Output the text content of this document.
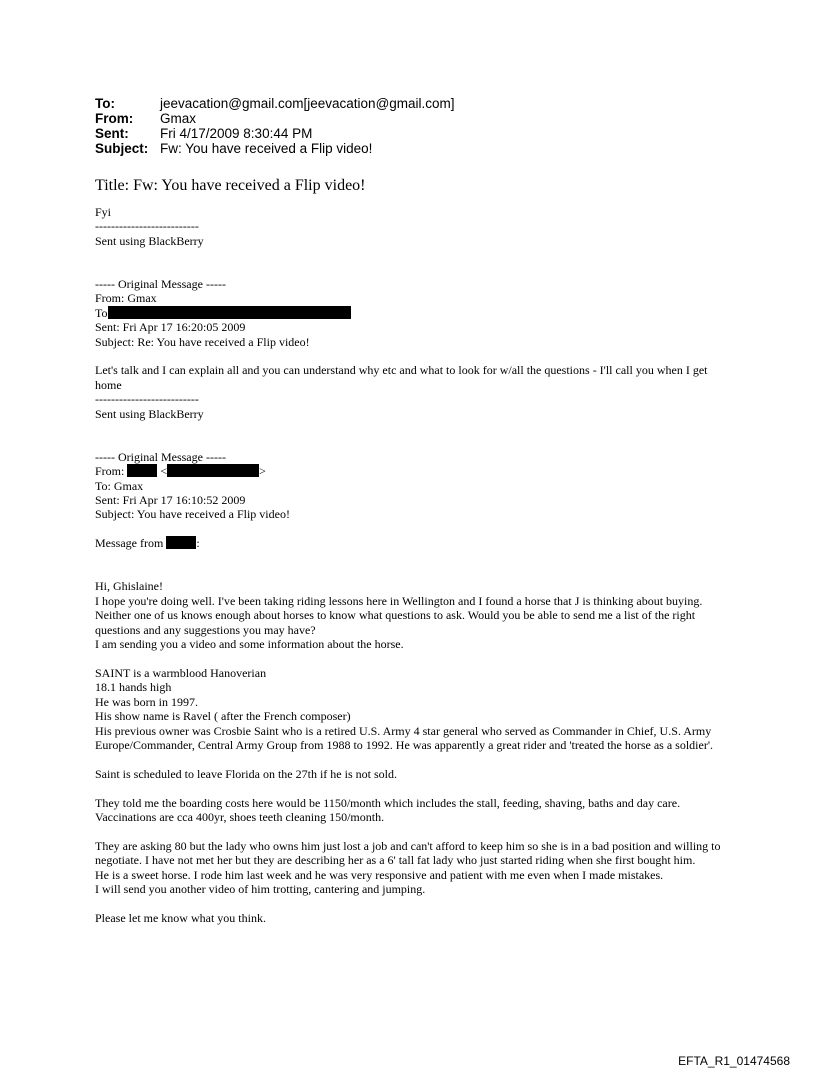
To:	jeevacation@gmail.com[jeevacation@gmail.com]
From:	Gmax
Sent:	Fri 4/17/2009 8:30:44 PM
Subject: Fw: You have received a Flip video!
Title: Fw: You have received a Flip video!
Fyi
--------------------------
Sent using BlackBerry
----- Original Message -----
From: Gmax
To
Sent: Fri Apr 17 16:20:05 2009
Subject: Re: You have received a Flip video!
Let's talk and I can explain all and you can understand why etc and what to look for w/all the questions - I'll call you when I get home
--------------------------
Sent using BlackBerry
----- Original Message -----
From:	<	>
To: Gmax
Sent: Fri Apr 17 16:10:52 2009
Subject: You have received a Flip video!
Message from	:
Hi, Ghislaine!
I hope you're doing well. I've been taking riding lessons here in Wellington and I found a horse that J is thinking about buying. Neither one of us knows enough about horses to know what questions to ask. Would you be able to send me a list of the right questions and any suggestions you may have?
I am sending you a video and some information about the horse.
SAINT is a warmblood Hanoverian
18.1 hands high
He was born in 1997.
His show name is Ravel ( after the French composer)
His previous owner was Crosbie Saint who is a retired U.S. Army 4 star general who served as Commander in Chief, U.S. Army Europe/Commander, Central Army Group from 1988 to 1992. He was apparently a great rider and 'treated the horse as a soldier'.
Saint is scheduled to leave Florida on the 27th if he is not sold.
They told me the boarding costs here would be 1150/month which includes the stall, feeding, shaving, baths and day care. Vaccinations are cca 400yr, shoes teeth cleaning 150/month.
They are asking 80 but the lady who owns him just lost a job and can't afford to keep him so she is in a bad position and willing to negotiate. I have not met her but they are describing her as a 6' tall fat lady who just started riding when she first bought him.
He is a sweet horse. I rode him last week and he was very responsive and patient with me even when I made mistakes.
I will send you another video of him trotting, cantering and jumping.
Please let me know what you think.
EFTA_R1_01474568
